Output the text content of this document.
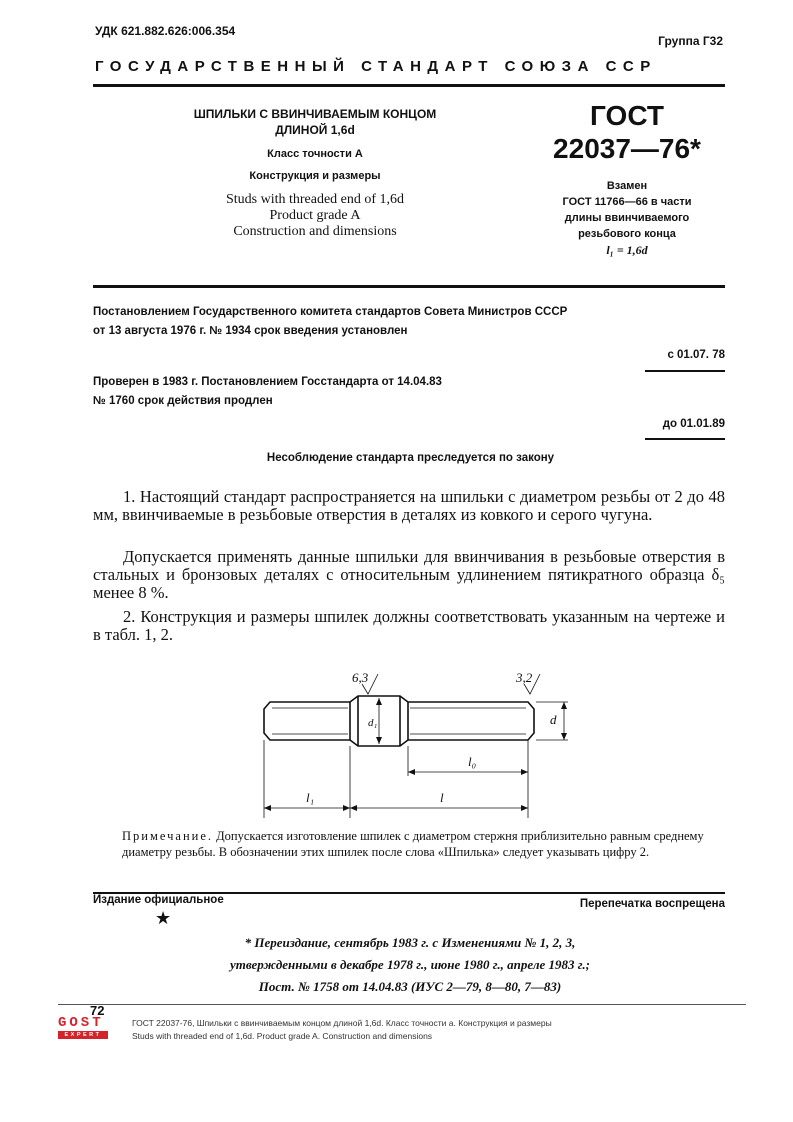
УДК 621.882.626:006.354
Группа Г32
ГОСУДАРСТВЕННЫЙ СТАНДАРТ СОЮЗА ССР
ШПИЛЬКИ С ВВИНЧИВАЕМЫМ КОНЦОМ
ДЛИНОЙ 1,6d
Класс точности А
Конструкция и размеры
Studs with threaded end of 1,6d
Product grade A
Construction and dimensions
ГОСТ
22037—76*
Взамен
ГОСТ 11766—66 в части
длины ввинчиваемого
резьбового конца
l₁ = 1,6d
Постановлением Государственного комитета стандартов Совета Министров СССР
от 13 августа 1976 г. № 1934 срок введения установлен
с 01.07. 78
Проверен в 1983 г. Постановлением Госстандарта от 14.04.83
№ 1760 срок действия продлен
до 01.01.89
Несоблюдение стандарта преследуется по закону
1. Настоящий стандарт распространяется на шпильки с диаметром резьбы от 2 до 48 мм, ввинчиваемые в резьбовые отверстия в деталях из ковкого и серого чугуна.
Допускается применять данные шпильки для ввинчивания в резьбовые отверстия в стальных и бронзовых деталях с относительным удлинением пятикратного образца δ₅ менее 8 %.
2. Конструкция и размеры шпилек должны соответствовать указанным на чертеже и в табл. 1, 2.
6,3	3,2
d₁	d
l₀
l₁	l
Примечание. Допускается изготовление шпилек с диаметром стержня приблизительно равным среднему диаметру резьбы. В обозначении этих шпилек после слова «Шпилька» следует указывать цифру 2.
Издание официальное	Перепечатка воспрещена
★
* Переиздание, сентябрь 1983 г. с Изменениями № 1, 2, 3,
утвержденными в декабре 1978 г., июне 1980 г., апреле 1983 г.;
Пост. № 1758 от 14.04.83 (ИУС 2—79, 8—80, 7—83)
72
GOST
EXPERT
ГОСТ 22037-76, Шпильки с ввинчиваемым концом длиной 1,6d. Класс точности а. Конструкция и размеры
Studs with threaded end of 1,6d. Product grade A. Construction and dimensions
